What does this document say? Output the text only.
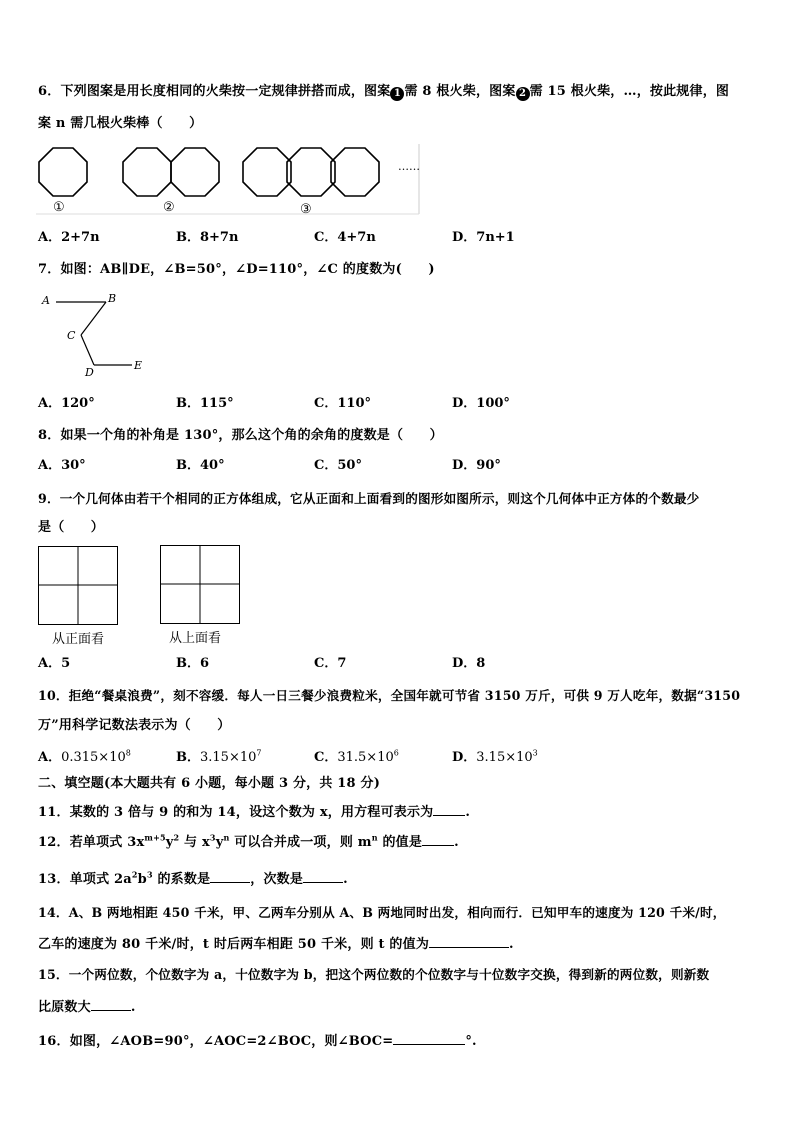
6．下列图案是用长度相同的火柴按一定规律拼搭而成，图案 1 需 8 根火柴，图案 2 需 15 根火柴，…，按此规律，图
案 n 需几根火柴棒（　　）
……
①	②	③
A．2+7n	B．8+7n	C．4+7n	D．7n+1
7．如图：AB∥DE，∠B=50°，∠D=110°，∠C 的度数为(　　)
A	B
C
D
E
A．120°	B．115°	C．110°	D．100°
8．如果一个角的补角是 130°，那么这个角的余角的度数是（　　）
A．30°	B．40°	C．50°	D．90°
9．一个几何体由若干个相同的正方体组成，它从正面和上面看到的图形如图所示，则这个几何体中正方体的个数最少
是（　　）
从正面看	从上面看
A．5	B．6	C．7	D．8
10．拒绝“餐桌浪费”，刻不容缓．每人一日三餐少浪费粒米，全国年就可节省 3150 万斤，可供 9 万人吃年，数据“3150
万”用科学记数法表示为（　　）
A．$0.315\times 10^8$	B．$3.15\times 10^7$	C．$31.5\times 10^6$	D．$3.15\times 10^3$
二、填空题(本大题共有 6 小题，每小题 3 分，共 18 分)
11．某数的 3 倍与 9 的和为 14，设这个数为 x，用方程可表示为 .
12．若单项式 $3x^{m+5}y^2$ 与 $x^3y^n$ 可以合并成一项，则 $m^n$ 的值是 .
13．单项式 $2a^2b^3$ 的系数是	，次数是	.
14．A、B 两地相距 450 千米，甲、乙两车分别从 A、B 两地同时出发，相向而行．已知甲车的速度为 120 千米/时，
乙车的速度为 80 千米/时，t 时后两车相距 50 千米，则 t 的值为	.
15．一个两位数，个位数字为 a，十位数字为 b，把这个两位数的个位数字与十位数字交换，得到新的两位数，则新数
比原数大	.
16．如图，∠AOB=90°，∠AOC=2∠BOC，则∠BOC=	°.
